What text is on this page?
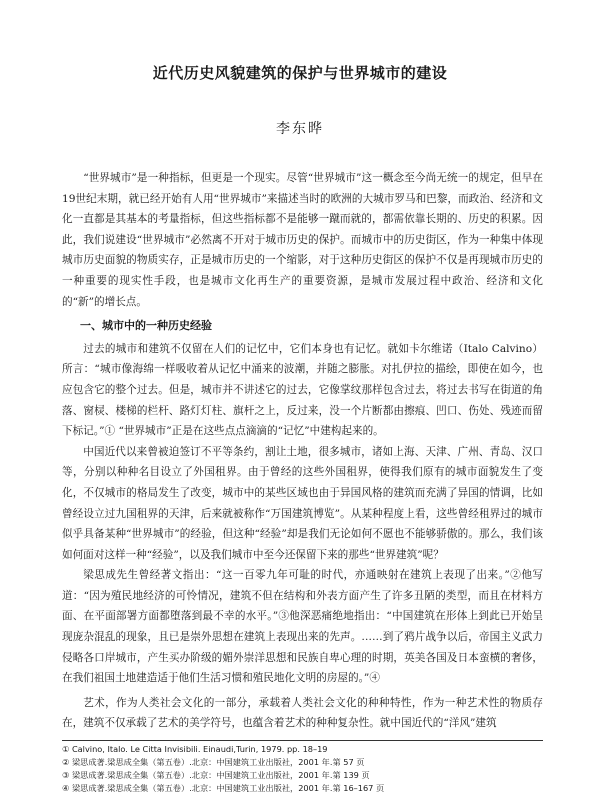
近代历史风貌建筑的保护与世界城市的建设

李东晔

“世界城市”是一种指标，但更是一个现实。尽管“世界城市”这一概念至今尚无统一的规定，但早在19世纪末期，就已经开始有人用“世界城市”来描述当时的欧洲的大城市罗马和巴黎，而政治、经济和文化一直都是其基本的考量指标，但这些指标都不是能够一蹴而就的，都需依靠长期的、历史的积累。因此，我们说建设“世界城市”必然离不开对于城市历史的保护。而城市中的历史街区，作为一种集中体现城市历史面貌的物质实存，正是城市历史的一个缩影，对于这种历史街区的保护不仅是再现城市历史的一种重要的现实性手段，也是城市文化再生产的重要资源，是城市发展过程中政治、经济和文化的“新”的增长点。

一、城市中的一种历史经验

过去的城市和建筑不仅留在人们的记忆中，它们本身也有记忆。就如卡尔维诺（Italo Calvino）所言：“城市像海绵一样吸收着从记忆中涌来的波潮，并随之膨胀。对扎伊拉的描绘，即使在如今，也应包含它的整个过去。但是，城市并不讲述它的过去，它像掌纹那样包含过去，将过去书写在街道的角落、窗棂、楼梯的栏杆、路灯灯柱、旗杆之上，反过来，没一个片断都由擦痕、凹口、伤处、残迹而留下标记。”① “世界城市”正是在这些点点滴滴的“记忆”中建构起来的。

中国近代以来曾被迫签订不平等条约，割让土地，很多城市，诸如上海、天津、广州、青岛、汉口等，分别以种种名目设立了外国租界。由于曾经的这些外国租界，使得我们原有的城市面貌发生了变化，不仅城市的格局发生了改变，城市中的某些区域也由于异国风格的建筑而充满了异国的情调，比如曾经设立过九国租界的天津，后来就被称作“万国建筑博览”。从某种程度上看，这些曾经租界过的城市似乎具备某种“世界城市”的经验，但这种“经验”却是我们无论如何不愿也不能够骄傲的。那么，我们该如何面对这样一种“经验”，以及我们城市中至今还保留下来的那些“世界建筑”呢？

梁思成先生曾经著文指出：“这一百零九年可耻的时代，亦通映射在建筑上表现了出来。”②他写道：“因为殖民地经济的可怜情况，建筑不但在结构和外表方面产生了许多丑陋的类型，而且在材料方面、在平面部署方面都堕落到最不幸的水平。”③他深恶痛绝地指出：“中国建筑在形体上到此已开始呈现庞杂混乱的现象，且已是崇外思想在建筑上表现出来的先声。……到了鸦片战争以后，帝国主义武力侵略各口岸城市，产生买办阶级的媚外崇洋思想和民族自卑心理的时期，英美各国及日本蛮横的奢侈，在我们祖国土地建造适于他们生活习惯和殖民地化文明的房屋的。”④

艺术，作为人类社会文化的一部分，承载着人类社会文化的种种特性，作为一种艺术性的物质存在，建筑不仅承载了艺术的美学符号，也蕴含着艺术的种种复杂性。就中国近代的“洋风”建筑

① Calvino, Italo. Le Citta Invisibili. Einaudi,Turin, 1979. pp. 18–19

② 梁思成著.梁思成全集（第五卷）.北京：中国建筑工业出版社，2001 年.第 57 页

③ 梁思成著.梁思成全集（第五卷）.北京：中国建筑工业出版社，2001 年.第 139 页

④ 梁思成著.梁思成全集（第五卷）.北京：中国建筑工业出版社，2001 年.第 16–167 页
